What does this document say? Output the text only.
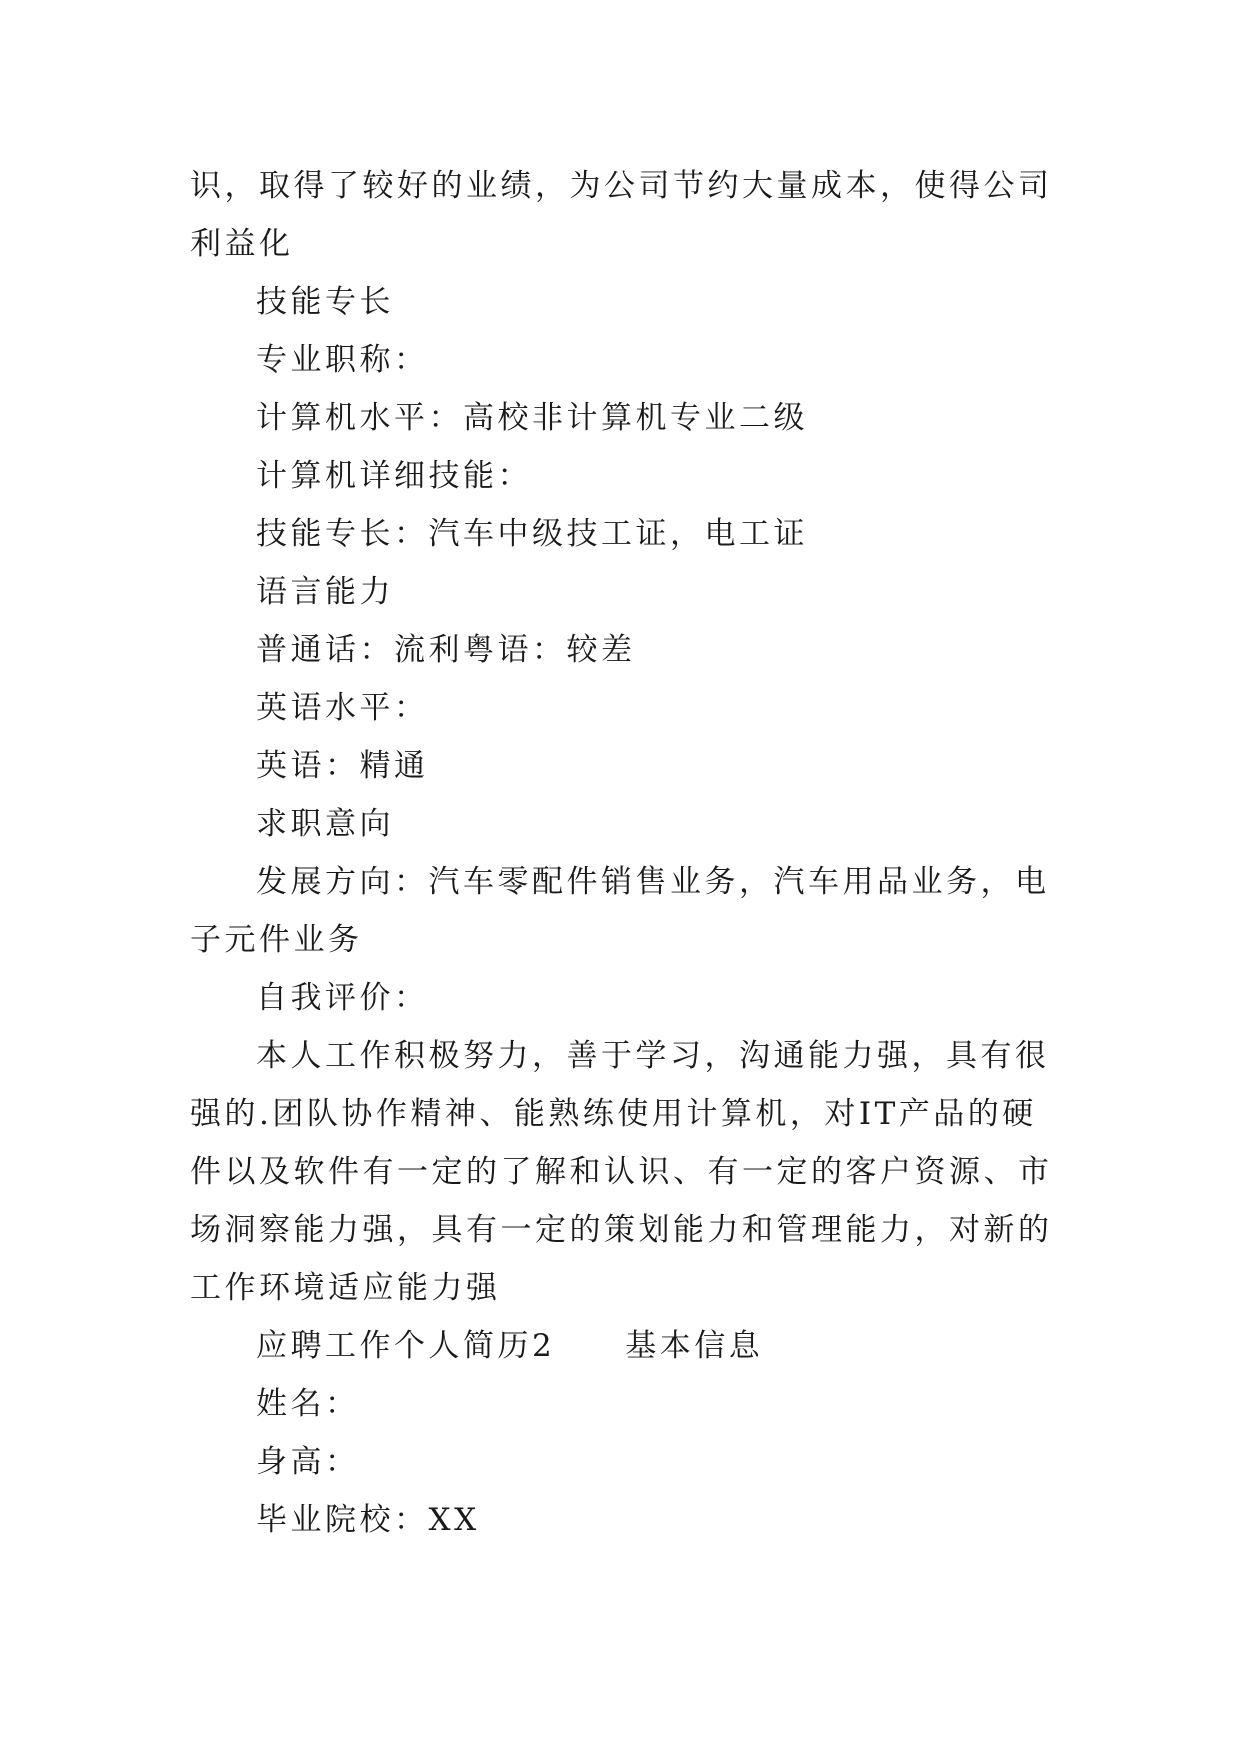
识，取得了较好的业绩，为公司节约大量成本，使得公司利益化

技能专长

专业职称：

计算机水平：高校非计算机专业二级

计算机详细技能：

技能专长：汽车中级技工证，电工证

语言能力

普通话：流利粤语：较差

英语水平：

英语：精通

求职意向

发展方向：汽车零配件销售业务，汽车用品业务，电子元件业务

自我评价：

本人工作积极努力，善于学习，沟通能力强，具有很强的.团队协作精神、能熟练使用计算机，对IT产品的硬件以及软件有一定的了解和认识、有一定的客户资源、市场洞察能力强，具有一定的策划能力和管理能力，对新的工作环境适应能力强

应聘工作个人简历2 基本信息

姓名：

身高：

毕业院校：XX
